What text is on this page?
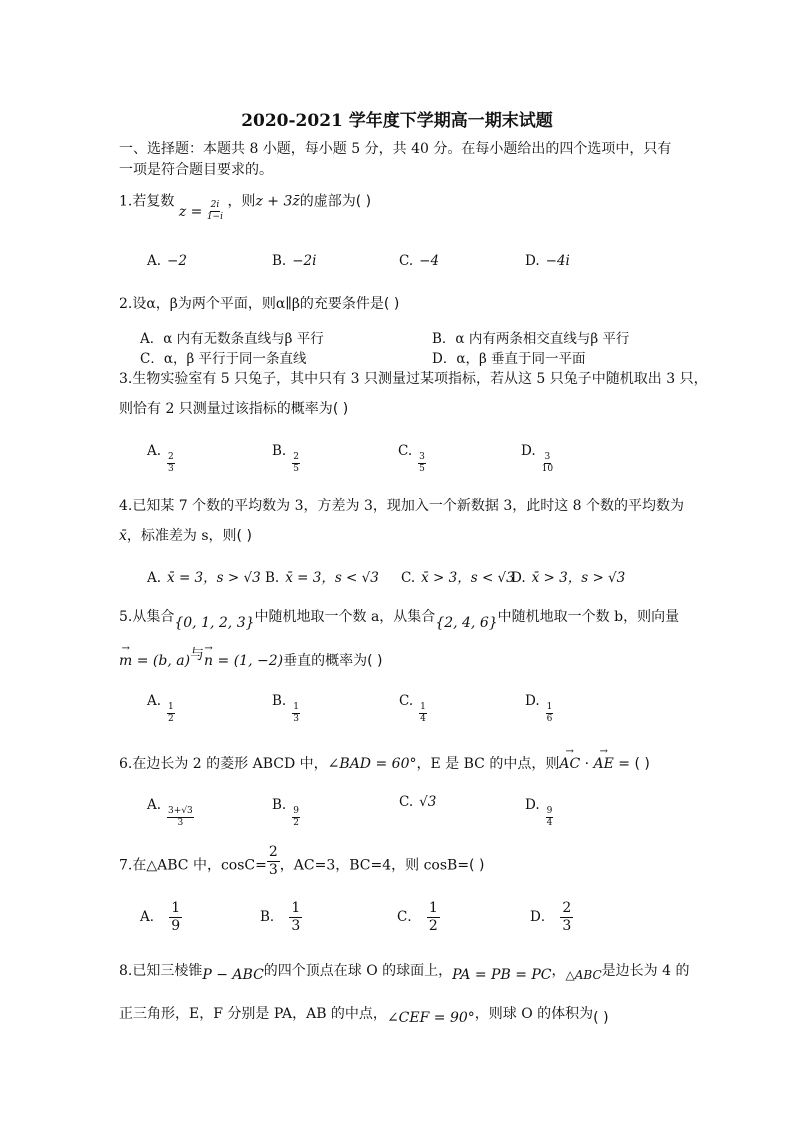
2020-2021 学年度下学期高一期末试题
一、选择题：本题共 8 小题，每小题 5 分，共 40 分。在每小题给出的四个选项中，只有一项是符合题目要求的。
1.若复数 $z = \frac{2i}{1-i}$ ，则z + 3z̄的虚部为( )
A. −2	B. −2i	C. −4	D. −4i
2.设α，β为两个平面，则α∥β的充要条件是( )
A．α 内有无数条直线与β 平行	B．α 内有两条相交直线与β 平行
C．α，β 平行于同一条直线	D．α，β 垂直于同一平面
3.生物实验室有 5 只兔子，其中只有 3 只测量过某项指标，若从这 5 只兔子中随机取出 3 只，
则恰有 2 只测量过该指标的概率为( )
A.
$\frac{2}{3}$
B.
$\frac{2}{5}$
C.
$\frac{3}{5}$
D.
$\frac{3}{10}$
4.已知某 7 个数的平均数为 3，方差为 3，现加入一个新数据 3，此时这 8 个数的平均数为
x̄，标准差为 s，则( )
A. x̄ = 3，s > √3 B. x̄ = 3，s < √3 C. x̄ > 3，s < √3
D. x̄ > 3，s > √3
5.从集合{0, 1, 2, 3}中随机地取一个数 a，从集合{2, 4, 6}中随机地取一个数 b，则向量
→ m = (b, a)与→ n = (1, −2)垂直的概率为( )
A.
$\frac{1}{2}$
B.
$\frac{1}{3}$
C.
$\frac{1}{4}$
D.
$\frac{1}{6}$
6.在边长为 2 的菱形 ABCD 中，∠BAD = 60°，E 是 BC 的中点，则→ AC · → AE = ( )
A.
$\frac{3+√3}{3}$
B.
$\frac{9}{2}$
C. √3	D.
$\frac{9}{4}$
7.在△ABC 中，$\cos C= \frac{2}{3}$ ，AC=3，BC=4，则 cosB=( )
A． $\frac{1}{9}$	B． $\frac{1}{3}$	C． $\frac{1}{2}$	D． $\frac{2}{3}$
8.已知三棱锥P − ABC的四个顶点在球 O 的球面上，PA = PB = PC，△ABC是边长为 4 的
正三角形，E，F 分别是 PA，AB 的中点，∠CEF = 90°，则球 O 的体积为( )
